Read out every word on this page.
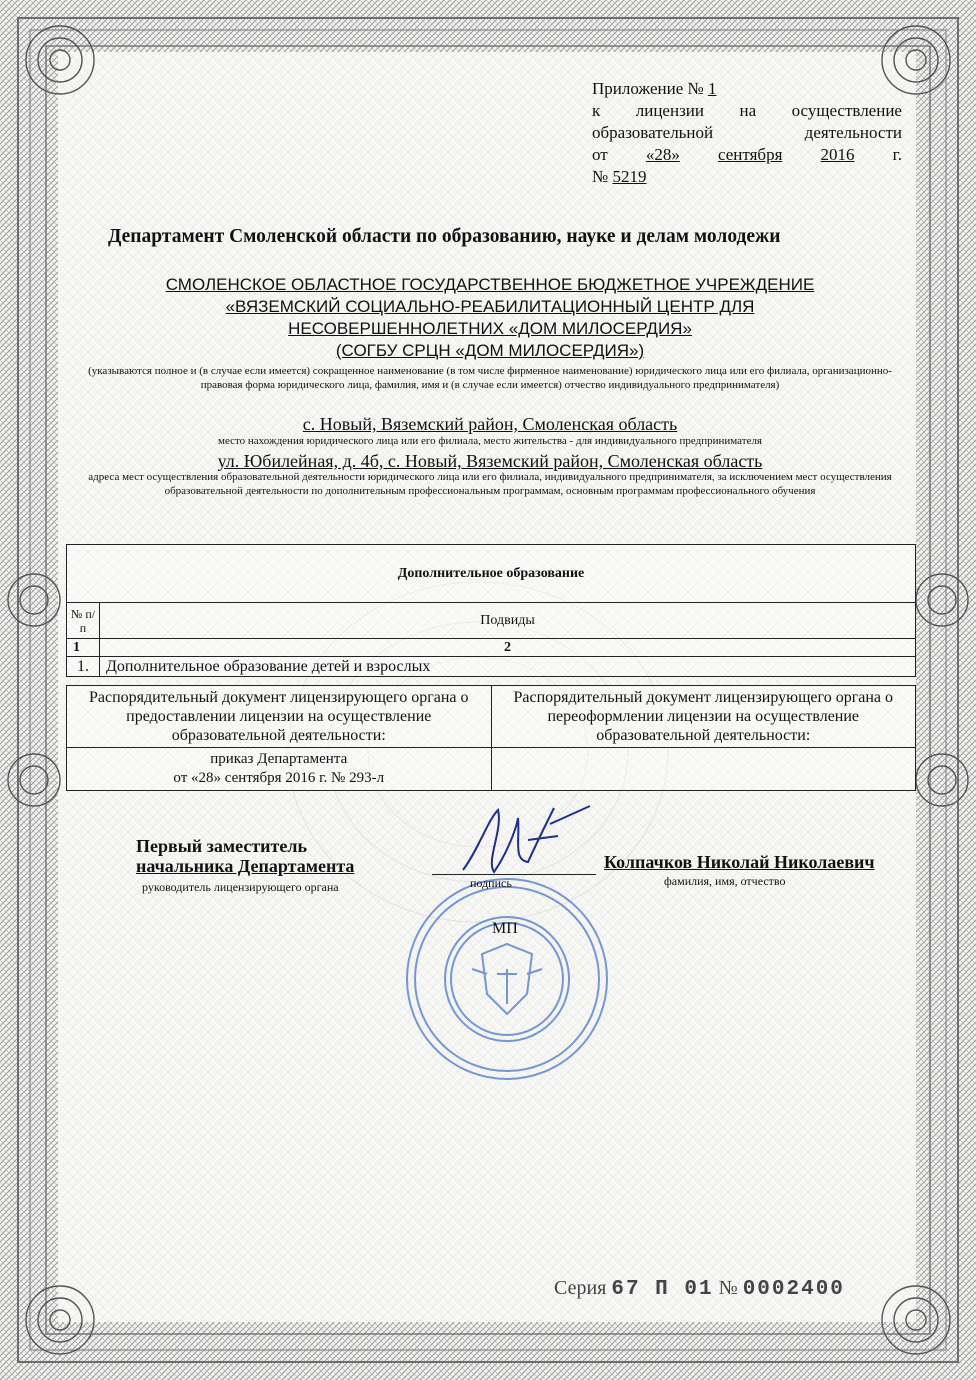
Приложение №
1
к лицензии на осуществление
образовательной	деятельности
от «28» сентября 2016 г.
№
5219
Департамент Смоленской области по образованию, науке и делам молодежи
СМОЛЕНСКОЕ ОБЛАСТНОЕ ГОСУДАРСТВЕННОЕ БЮДЖЕТНОЕ УЧРЕЖДЕНИЕ
«ВЯЗЕМСКИЙ СОЦИАЛЬНО-РЕАБИЛИТАЦИОННЫЙ ЦЕНТР ДЛЯ
НЕСОВЕРШЕННОЛЕТНИХ «ДОМ МИЛОСЕРДИЯ»
(СОГБУ СРЦН «ДОМ МИЛОСЕРДИЯ»)
(указываются полное и (в случае если имеется) сокращенное наименование (в том числе фирменное наименование) юридического лица или его филиала, организационно-правовая форма юридического лица, фамилия, имя и (в случае если имеется) отчество индивидуального предпринимателя)
с. Новый, Вяземский район, Смоленская область
место нахождения юридического лица или его филиала, место жительства - для индивидуального предпринимателя
ул. Юбилейная, д. 4б, с. Новый, Вяземский район, Смоленская область
адреса мест осуществления образовательной деятельности юридического лица или его филиала, индивидуального предпринимателя, за исключением мест осуществления образовательной деятельности по дополнительным профессиональным программам, основным программам профессионального обучения
Дополнительное образование	
№ п/п	Подвиды
1	2
1.	Дополнительное образование детей и взрослых
Распорядительный документ лицензирующего органа о предоставлении лицензии на осуществление образовательной деятельности:	Распорядительный документ лицензирующего органа о переоформлении лицензии на осуществление образовательной деятельности:

приказ Департамента
от «28» сентября 2016 г. № 293-л	

Первый заместитель
начальника Департамента
руководитель лицензирующего органа	подпись
Колпачков Николай Николаевич
фамилия, имя, отчество
МП
Серия 67 П 01 № 0002400
